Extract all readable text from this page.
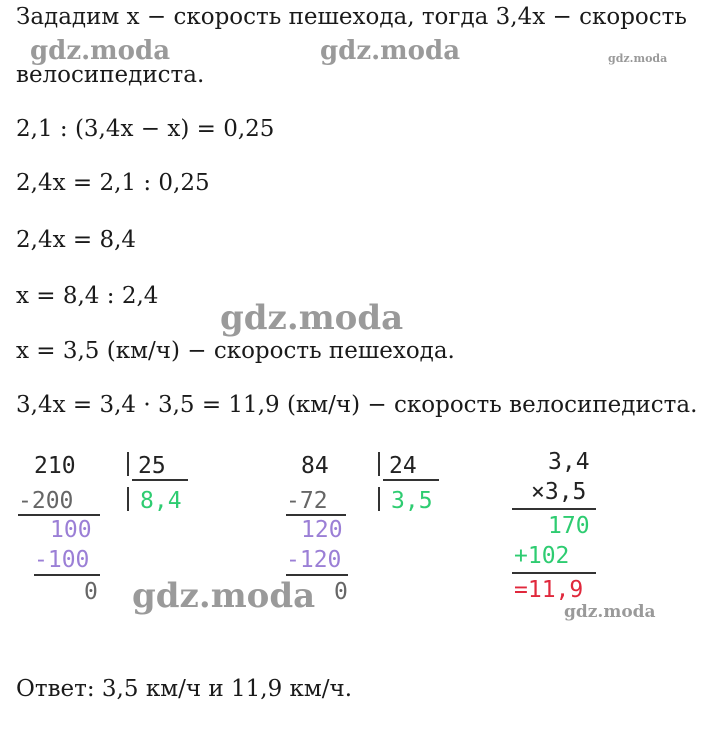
Зададим x − скорость пешехода, тогда 3,4x − скорость
велосипедиста.
2,1 : (3,4x − x) = 0,25
2,4x = 2,1 : 0,25
2,4x = 8,4
x = 8,4 : 2,4
x = 3,5 (км/ч) − скорость пешехода.
3,4x = 3,4 · 3,5 = 11,9 (км/ч) − скорость велосипедиста.
210	25
-200	8,4
100
-100
0
84	24
-72	3,5
120
-120
0
3,4
×3,5
170
+102
=11,9
Ответ: 3,5 км/ч и 11,9 км/ч.
gdz.moda	gdz.moda	gdz.moda
gdz.moda
gdz.moda	gdz.moda
